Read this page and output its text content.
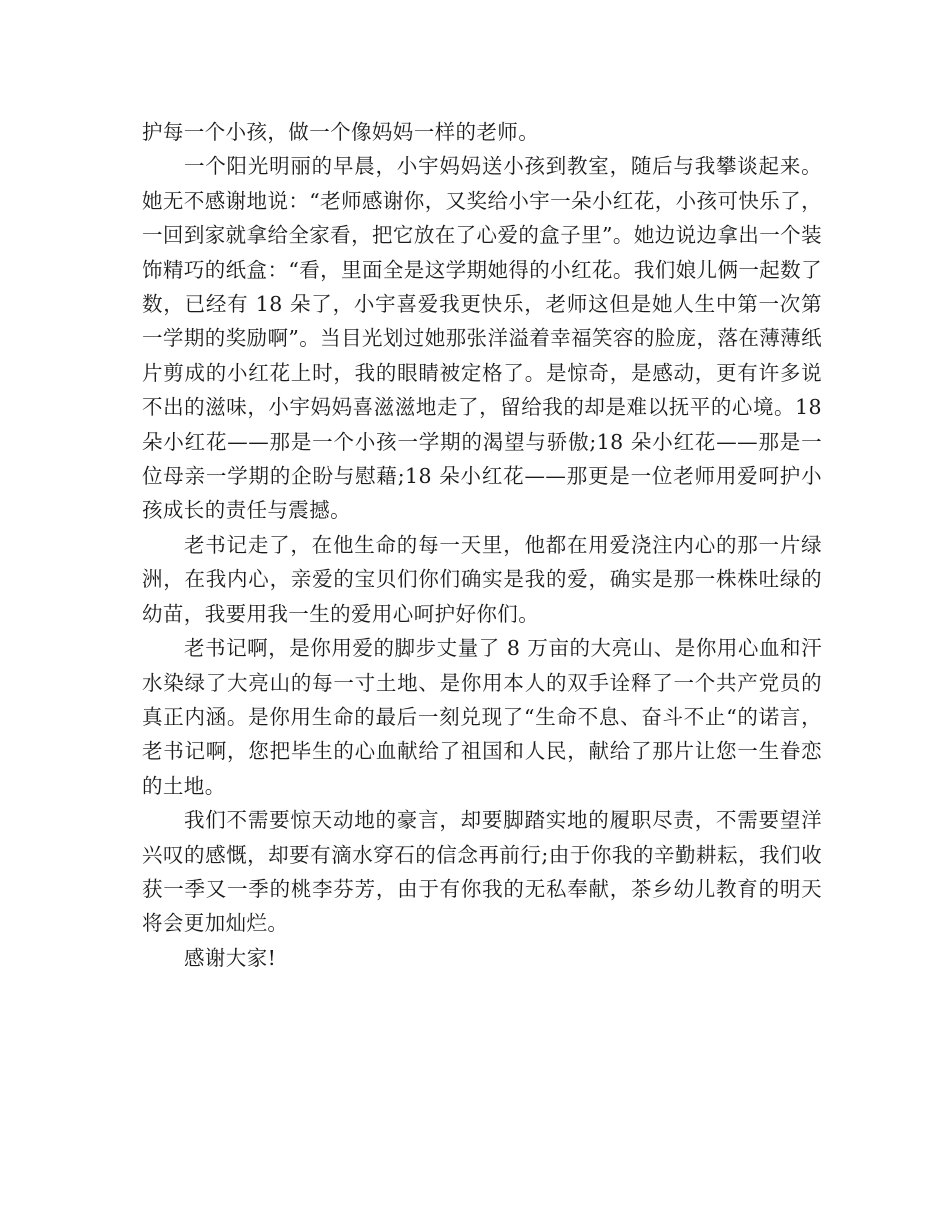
护每一个小孩，做一个像妈妈一样的老师。

一个阳光明丽的早晨，小宇妈妈送小孩到教室，随后与我攀谈起来。她无不感谢地说：“老师感谢你，又奖给小宇一朵小红花，小孩可快乐了，一回到家就拿给全家看，把它放在了心爱的盒子里”。她边说边拿出一个装饰精巧的纸盒：“看，里面全是这学期她得的小红花。我们娘儿俩一起数了数，已经有 18 朵了，小宇喜爱我更快乐，老师这但是她人生中第一次第一学期的奖励啊”。当目光划过她那张洋溢着幸福笑容的脸庞，落在薄薄纸片剪成的小红花上时，我的眼睛被定格了。是惊奇，是感动，更有许多说不出的滋味，小宇妈妈喜滋滋地走了，留给我的却是难以抚平的心境。18 朵小红花——那是一个小孩一学期的渴望与骄傲;18 朵小红花——那是一位母亲一学期的企盼与慰藉;18 朵小红花——那更是一位老师用爱呵护小孩成长的责任与震撼。

老书记走了，在他生命的每一天里，他都在用爱浇注内心的那一片绿洲，在我内心，亲爱的宝贝们你们确实是我的爱，确实是那一株株吐绿的幼苗，我要用我一生的爱用心呵护好你们。

老书记啊，是你用爱的脚步丈量了 8 万亩的大亮山、是你用心血和汗水染绿了大亮山的每一寸土地、是你用本人的双手诠释了一个共产党员的真正内涵。是你用生命的最后一刻兑现了“生命不息、奋斗不止“的诺言，老书记啊，您把毕生的心血献给了祖国和人民，献给了那片让您一生眷恋的土地。

我们不需要惊天动地的豪言，却要脚踏实地的履职尽责，不需要望洋兴叹的感慨，却要有滴水穿石的信念再前行;由于你我的辛勤耕耘，我们收获一季又一季的桃李芬芳，由于有你我的无私奉献，茶乡幼儿教育的明天将会更加灿烂。

感谢大家!
